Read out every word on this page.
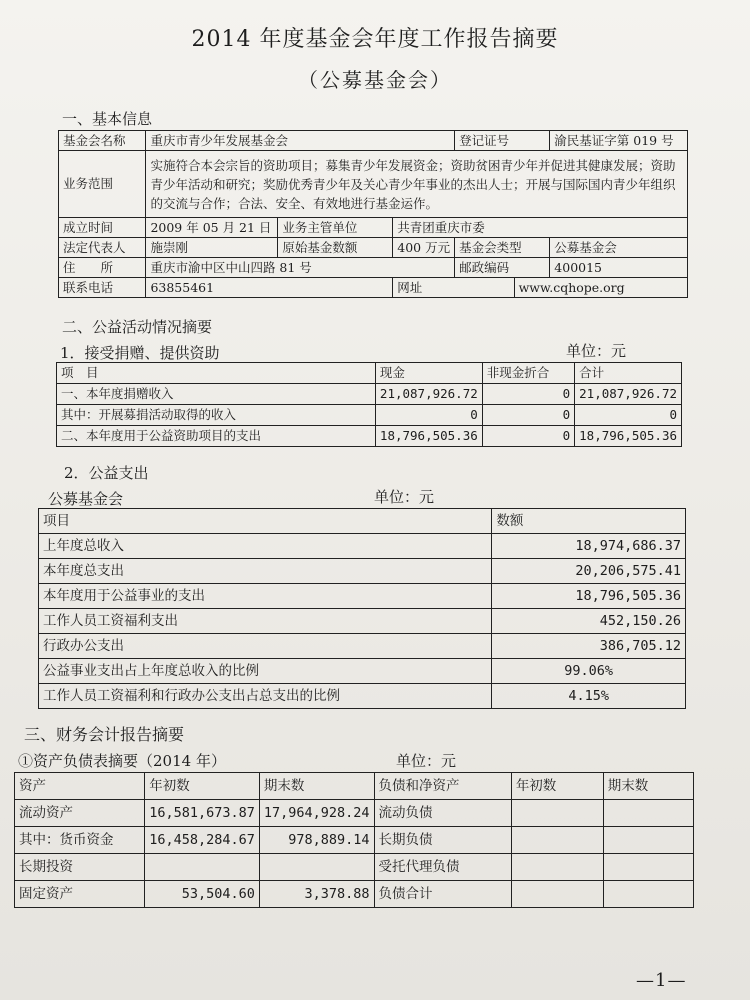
2014 年度基金会年度工作报告摘要
（公募基金会）
一、基本信息
基金会名称	重庆市青少年发展基金会			登记证号		渝民基证字第 019 号
业务范围	实施符合本会宗旨的资助项目；募集青少年发展资金；资助贫困青少年并促进其健康发展；资助青少年活动和研究；奖励优秀青少年及关心青少年事业的杰出人士；开展与国际国内青少年组织的交流与合作；合法、安全、有效地进行基金运作。					
成立时间	2009 年 05 月 21 日	业务主管单位	共青团重庆市委			
法定代表人	施崇刚	原始基金数额	400 万元	基金会类型		公募基金会
住　　所	重庆市渝中区中山四路 81 号			邮政编码		400015
联系电话	63855461		网址		www.cqhope.org	
二、公益活动情况摘要
1．接受捐赠、提供资助	单位：元
项　目	现金	非现金折合	合计
一、本年度捐赠收入	21,087,926.72	0	21,087,926.72
其中：开展募捐活动取得的收入	0	0	0
二、本年度用于公益资助项目的支出	18,796,505.36	0	18,796,505.36
2．公益支出
公募基金会	单位：元
项目	数额
上年度总收入	18,974,686.37
本年度总支出	20,206,575.41
本年度用于公益事业的支出	18,796,505.36
工作人员工资福利支出	452,150.26
行政办公支出	386,705.12
公益事业支出占上年度总收入的比例	99.06%
工作人员工资福利和行政办公支出占总支出的比例	4.15%
三、财务会计报告摘要
①资产负债表摘要（2014 年）	单位：元
资产	年初数	期末数	负债和净资产	年初数	期末数
流动资产	16,581,673.87	17,964,928.24	流动负债		
其中：货币资金	16,458,284.67	978,889.14	长期负债		
长期投资			受托代理负债		
固定资产	53,504.60	3,378.88	负债合计		
—1—
